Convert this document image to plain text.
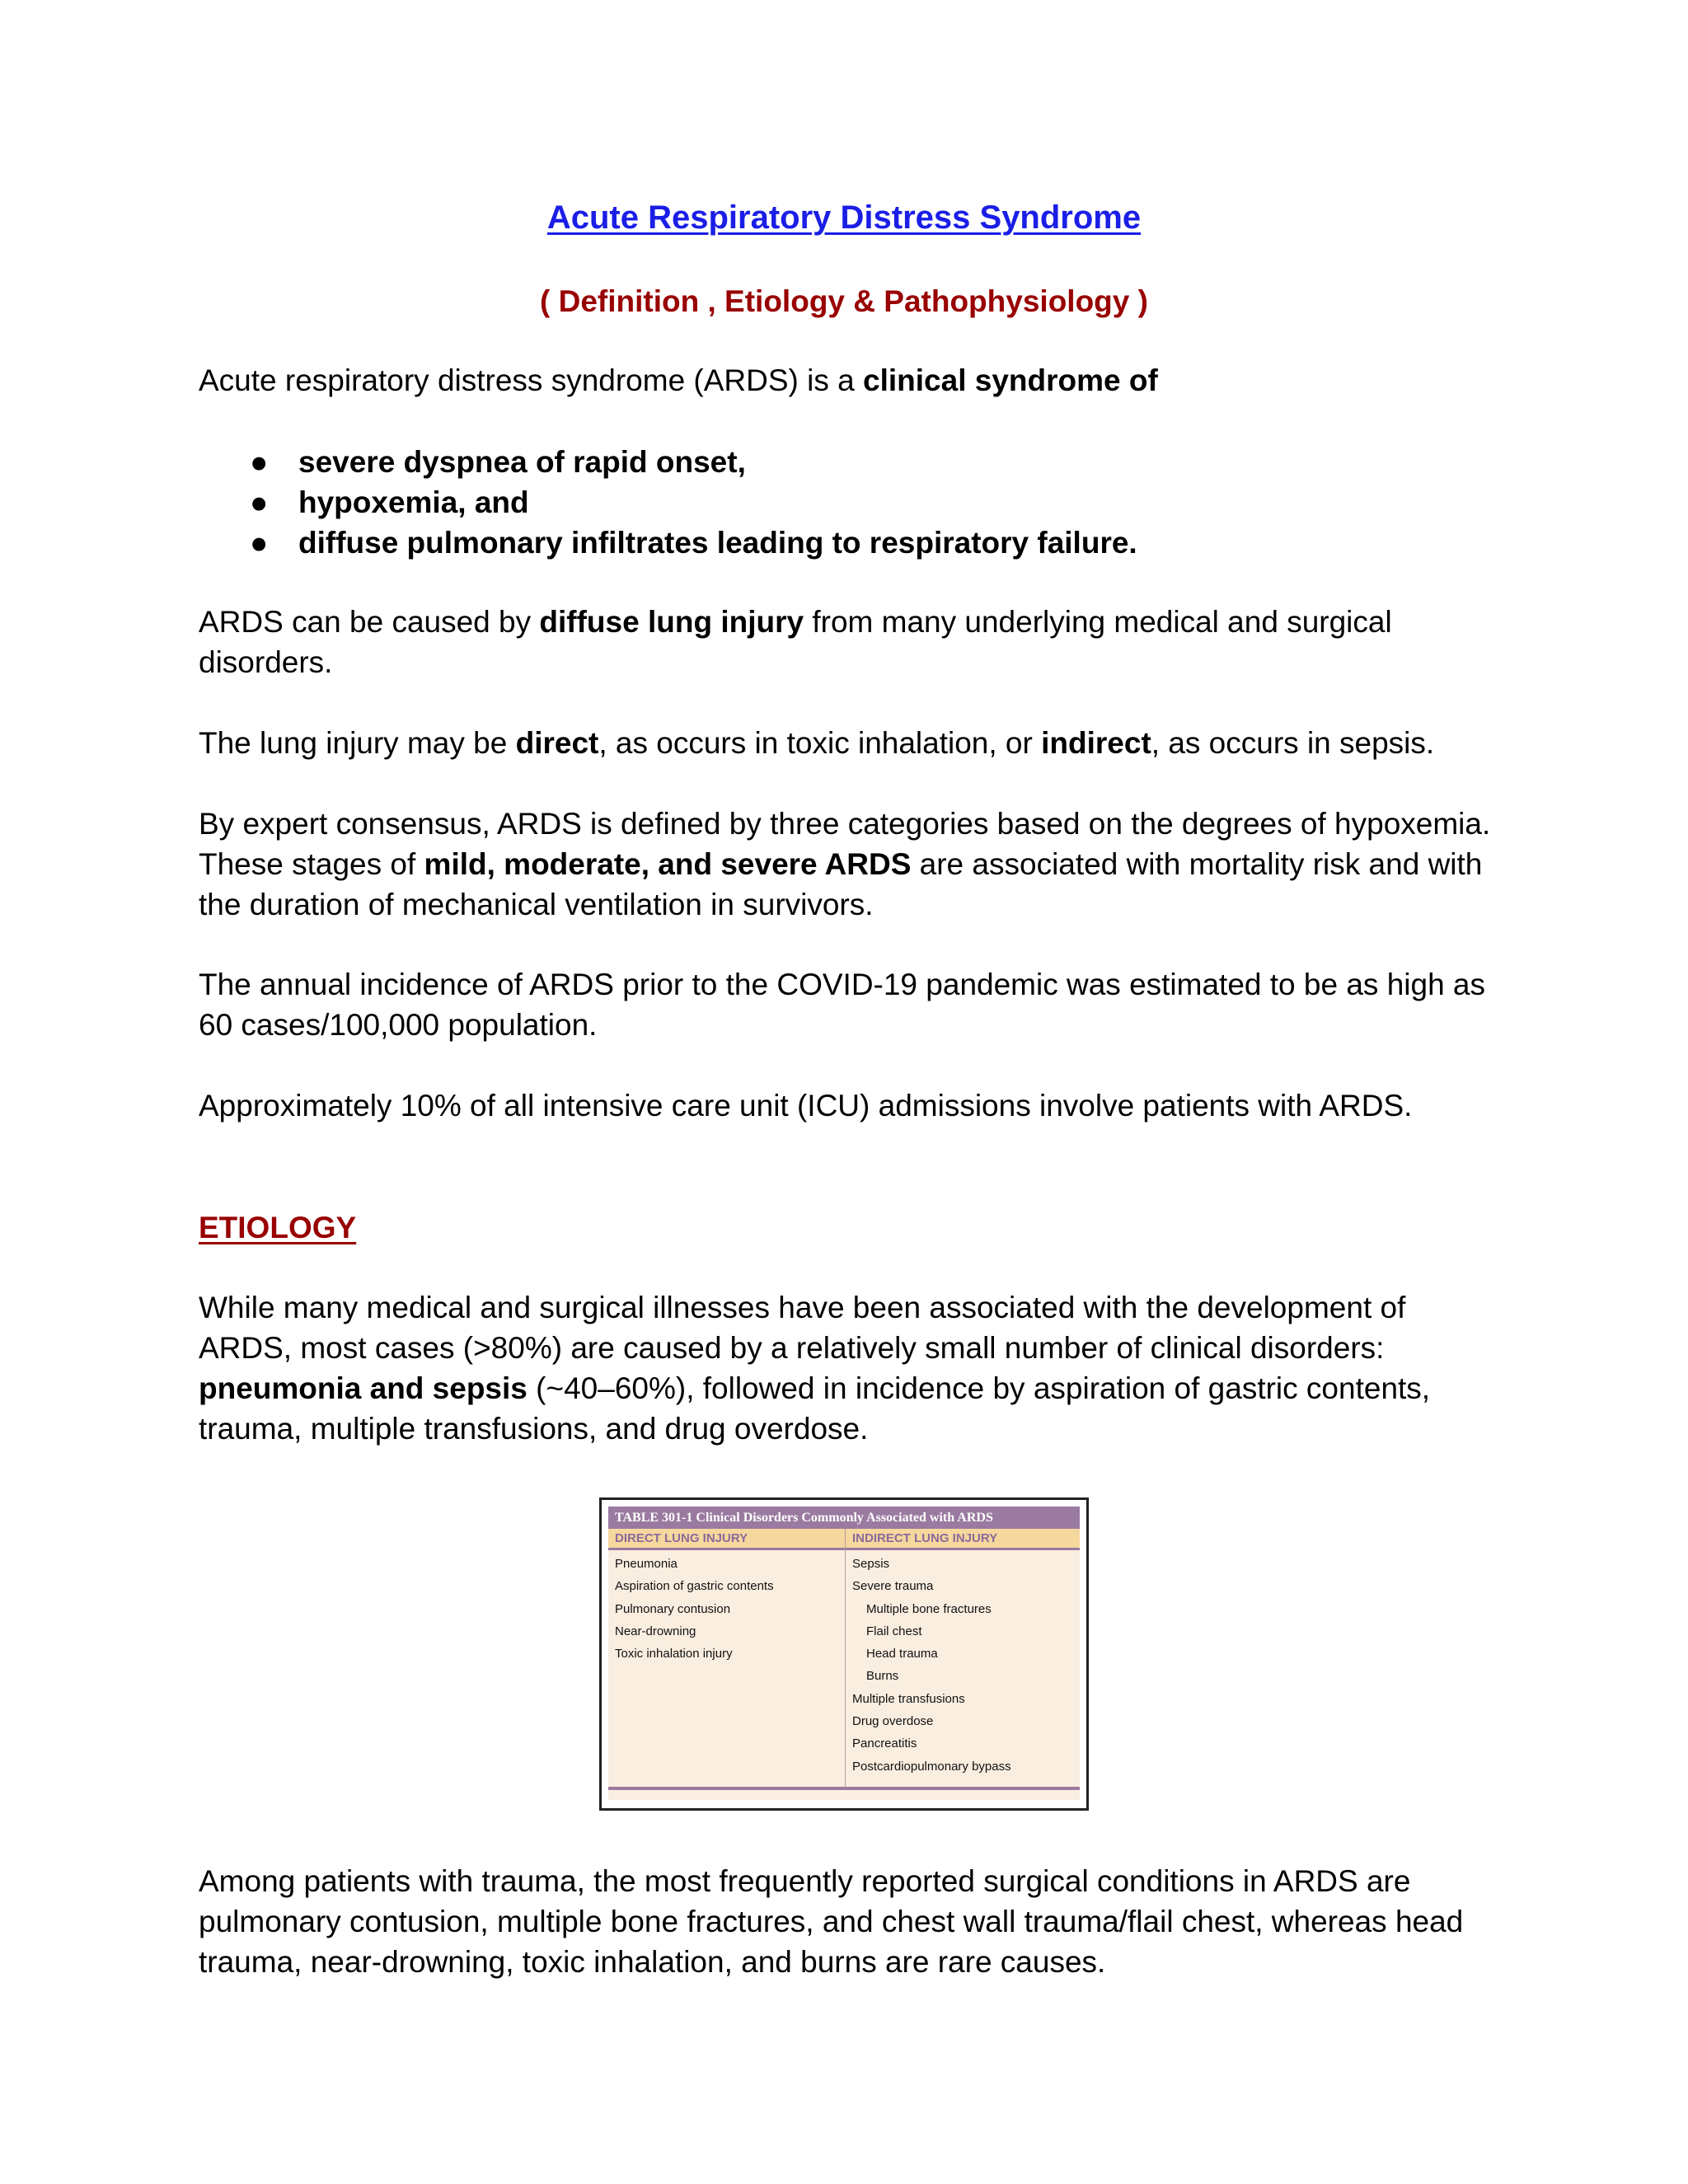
Acute Respiratory Distress Syndrome
( Definition , Etiology & Pathophysiology )

Acute respiratory distress syndrome (ARDS) is a clinical syndrome of

● severe dyspnea of rapid onset,
● hypoxemia, and
● diffuse pulmonary infiltrates leading to respiratory failure.

ARDS can be caused by diffuse lung injury from many underlying medical and surgical disorders.

The lung injury may be direct, as occurs in toxic inhalation, or indirect, as occurs in sepsis.

By expert consensus, ARDS is defined by three categories based on the degrees of hypoxemia. These stages of mild, moderate, and severe ARDS are associated with mortality risk and with the duration of mechanical ventilation in survivors.

The annual incidence of ARDS prior to the COVID-19 pandemic was estimated to be as high as 60 cases/100,000 population.

Approximately 10% of all intensive care unit (ICU) admissions involve patients with ARDS.

ETIOLOGY

While many medical and surgical illnesses have been associated with the development of ARDS, most cases (>80%) are caused by a relatively small number of clinical disorders: pneumonia and sepsis (~40–60%), followed in incidence by aspiration of gastric contents, trauma, multiple transfusions, and drug overdose.

TABLE 301-1 Clinical Disorders Commonly Associated with ARDS
DIRECT LUNG INJURY	INDIRECT LUNG INJURY
Pneumonia
Aspiration of gastric contents
Pulmonary contusion
Near-drowning
Toxic inhalation injury
Sepsis
Severe trauma
Multiple bone fractures
Flail chest
Head trauma
Burns
Multiple transfusions
Drug overdose
Pancreatitis
Postcardiopulmonary bypass

Among patients with trauma, the most frequently reported surgical conditions in ARDS are pulmonary contusion, multiple bone fractures, and chest wall trauma/flail chest, whereas head trauma, near-drowning, toxic inhalation, and burns are rare causes.
